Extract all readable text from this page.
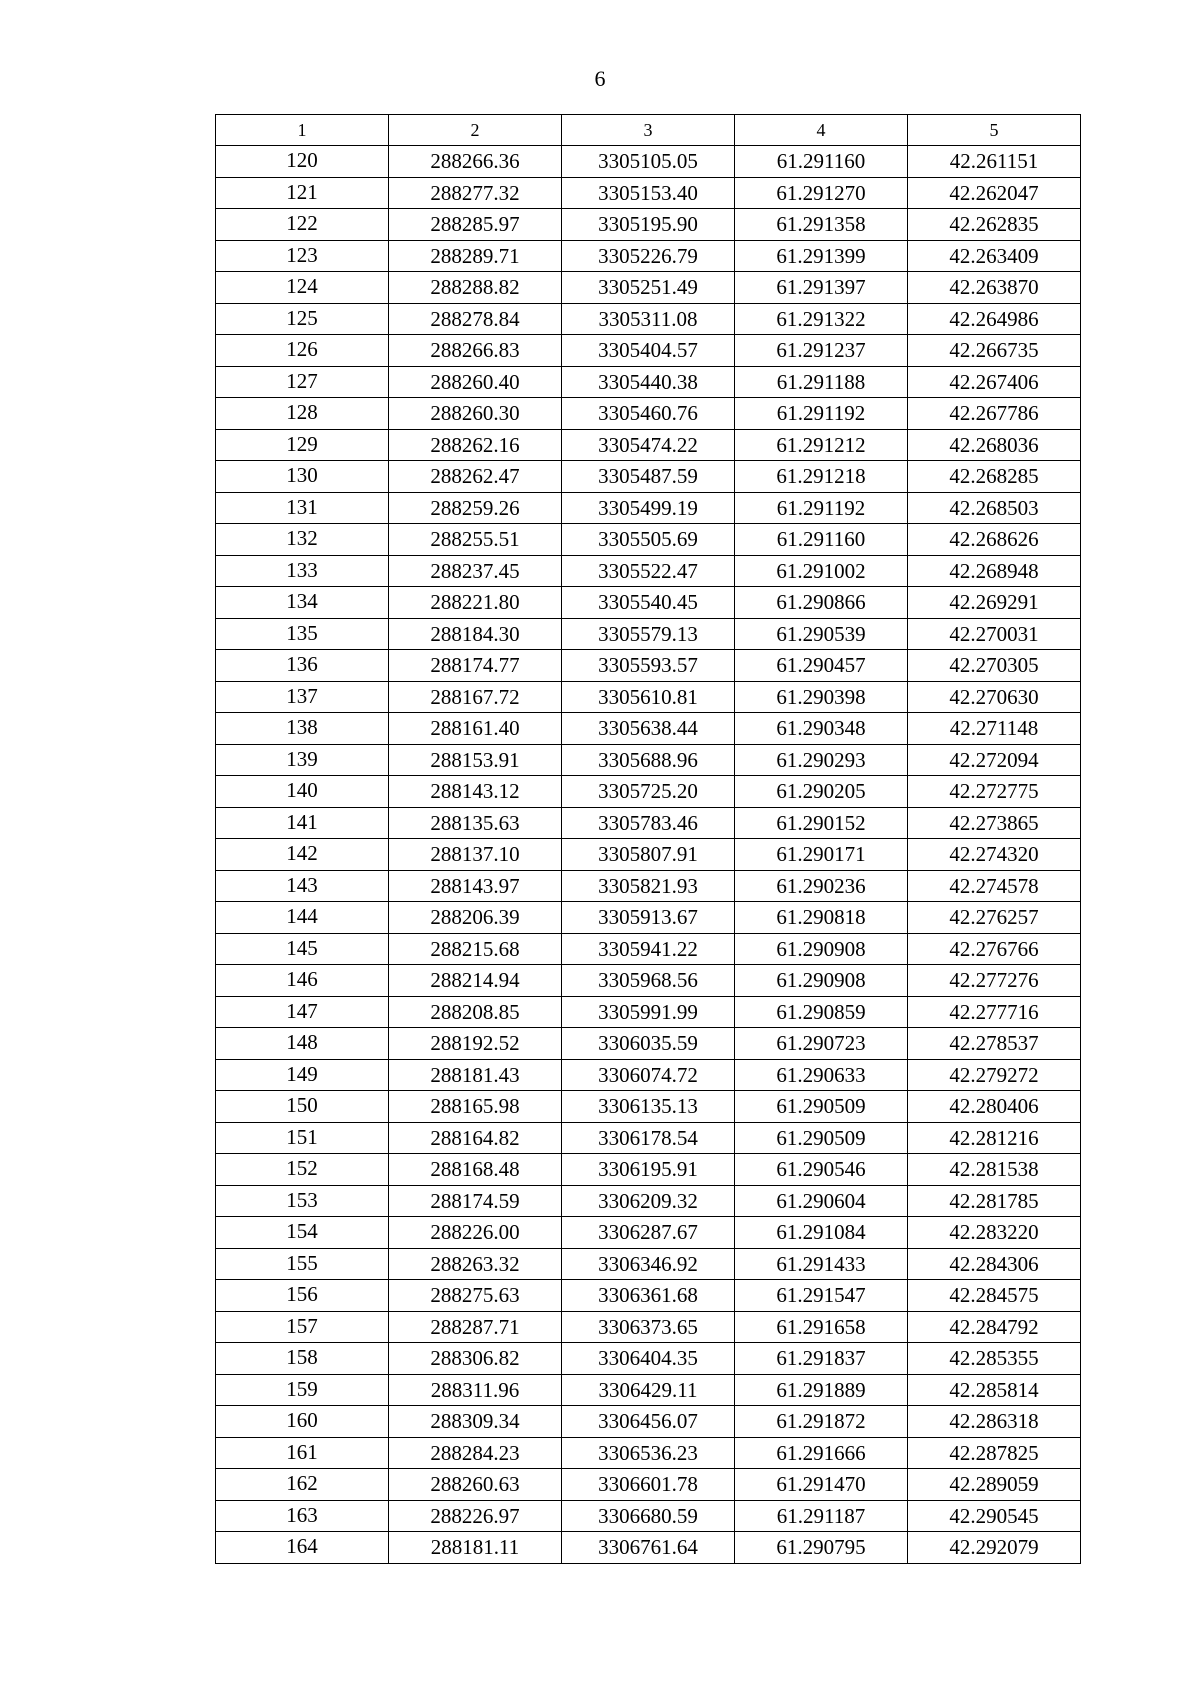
6
1	2	3	4	5
120	288266.36	3305105.05	61.291160	42.261151
121	288277.32	3305153.40	61.291270	42.262047
122	288285.97	3305195.90	61.291358	42.262835
123	288289.71	3305226.79	61.291399	42.263409
124	288288.82	3305251.49	61.291397	42.263870
125	288278.84	3305311.08	61.291322	42.264986
126	288266.83	3305404.57	61.291237	42.266735
127	288260.40	3305440.38	61.291188	42.267406
128	288260.30	3305460.76	61.291192	42.267786
129	288262.16	3305474.22	61.291212	42.268036
130	288262.47	3305487.59	61.291218	42.268285
131	288259.26	3305499.19	61.291192	42.268503
132	288255.51	3305505.69	61.291160	42.268626
133	288237.45	3305522.47	61.291002	42.268948
134	288221.80	3305540.45	61.290866	42.269291
135	288184.30	3305579.13	61.290539	42.270031
136	288174.77	3305593.57	61.290457	42.270305
137	288167.72	3305610.81	61.290398	42.270630
138	288161.40	3305638.44	61.290348	42.271148
139	288153.91	3305688.96	61.290293	42.272094
140	288143.12	3305725.20	61.290205	42.272775
141	288135.63	3305783.46	61.290152	42.273865
142	288137.10	3305807.91	61.290171	42.274320
143	288143.97	3305821.93	61.290236	42.274578
144	288206.39	3305913.67	61.290818	42.276257
145	288215.68	3305941.22	61.290908	42.276766
146	288214.94	3305968.56	61.290908	42.277276
147	288208.85	3305991.99	61.290859	42.277716
148	288192.52	3306035.59	61.290723	42.278537
149	288181.43	3306074.72	61.290633	42.279272
150	288165.98	3306135.13	61.290509	42.280406
151	288164.82	3306178.54	61.290509	42.281216
152	288168.48	3306195.91	61.290546	42.281538
153	288174.59	3306209.32	61.290604	42.281785
154	288226.00	3306287.67	61.291084	42.283220
155	288263.32	3306346.92	61.291433	42.284306
156	288275.63	3306361.68	61.291547	42.284575
157	288287.71	3306373.65	61.291658	42.284792
158	288306.82	3306404.35	61.291837	42.285355
159	288311.96	3306429.11	61.291889	42.285814
160	288309.34	3306456.07	61.291872	42.286318
161	288284.23	3306536.23	61.291666	42.287825
162	288260.63	3306601.78	61.291470	42.289059
163	288226.97	3306680.59	61.291187	42.290545
164	288181.11	3306761.64	61.290795	42.292079
